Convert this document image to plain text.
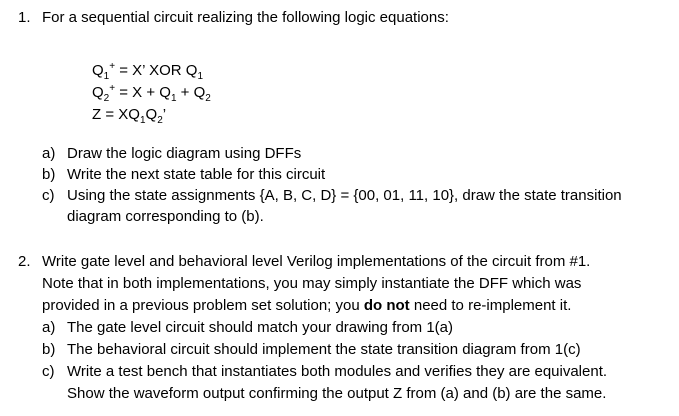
1. For a sequential circuit realizing the following logic equations:
$Q_1^+ = X$’ XOR $Q_1$
$Q_2^+ = X + Q_1 + Q_2$
$Z = XQ_1Q_2$’
a) Draw the logic diagram using DFFs
b) Write the next state table for this circuit
c) Using the state assignments {A, B, C, D} = {00, 01, 11, 10}, draw the state transition
diagram corresponding to (b).
2. Write gate level and behavioral level Verilog implementations of the circuit from #1.
Note that in both implementations, you may simply instantiate the DFF which was
provided in a previous problem set solution; you do not need to re-implement it.
a) The gate level circuit should match your drawing from 1(a)
b) The behavioral circuit should implement the state transition diagram from 1(c)
c) Write a test bench that instantiates both modules and verifies they are equivalent.
Show the waveform output confirming the output Z from (a) and (b) are the same.
